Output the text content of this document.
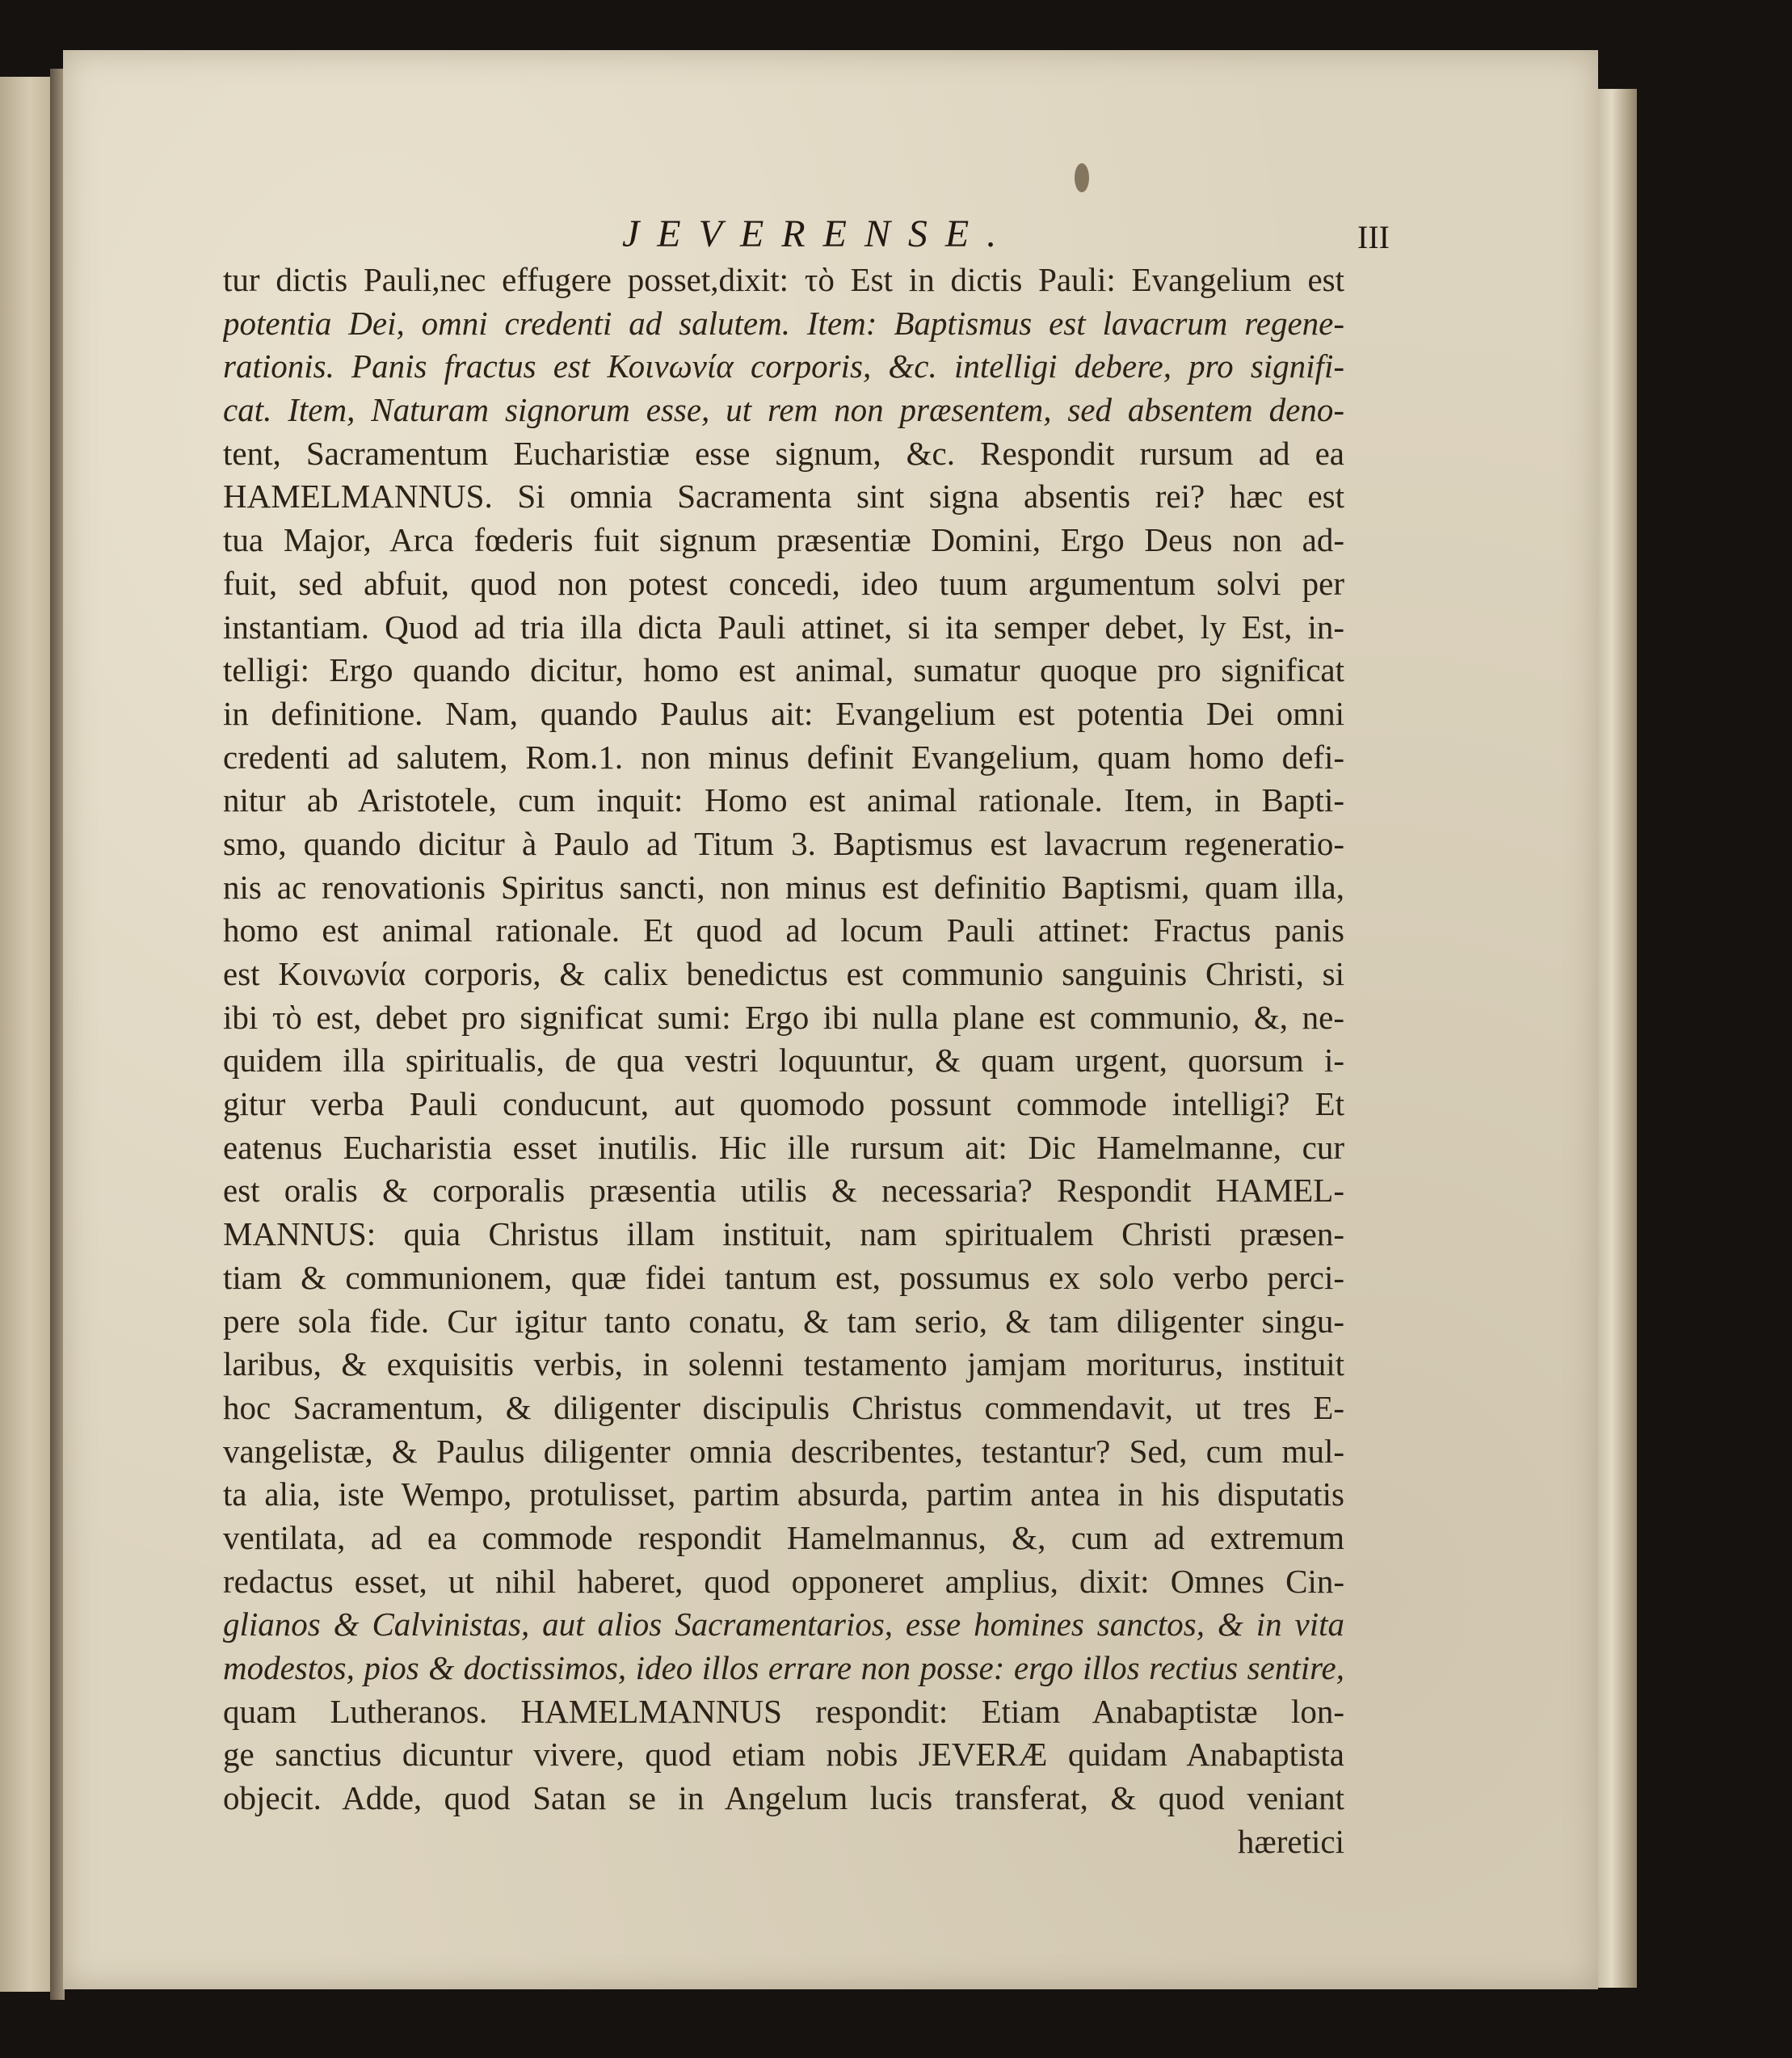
JEVERENSE.	III
tur dictis Pauli,nec effugere posset,dixit: τὸ Est in dictis Pauli: Evangelium est
potentia Dei, omni credenti ad salutem. Item: Baptismus est lavacrum regene-
rationis. Panis fractus est Κοινωνία corporis, &c. intelligi debere, pro signifi-
cat. Item, Naturam signorum esse, ut rem non præsentem, sed absentem deno-
tent, Sacramentum Eucharistiæ esse signum, &c. Respondit rursum ad ea
HAMELMANNUS. Si omnia Sacramenta sint signa absentis rei? hæc est
tua Major, Arca fœderis fuit signum præsentiæ Domini, Ergo Deus non ad-
fuit, sed abfuit, quod non potest concedi, ideo tuum argumentum solvi per
instantiam. Quod ad tria illa dicta Pauli attinet, si ita semper debet, ly Est, in-
telligi: Ergo quando dicitur, homo est animal, sumatur quoque pro significat
in definitione. Nam, quando Paulus ait: Evangelium est potentia Dei omni
credenti ad salutem, Rom.1. non minus definit Evangelium, quam homo defi-
nitur ab Aristotele, cum inquit: Homo est animal rationale. Item, in Bapti-
smo, quando dicitur à Paulo ad Titum 3. Baptismus est lavacrum regeneratio-
nis ac renovationis Spiritus sancti, non minus est definitio Baptismi, quam illa,
homo est animal rationale. Et quod ad locum Pauli attinet: Fractus panis
est Κοινωνία corporis, & calix benedictus est communio sanguinis Christi, si
ibi τὸ est, debet pro significat sumi: Ergo ibi nulla plane est communio, &, ne-
quidem illa spiritualis, de qua vestri loquuntur, & quam urgent, quorsum i-
gitur verba Pauli conducunt, aut quomodo possunt commode intelligi? Et
eatenus Eucharistia esset inutilis. Hic ille rursum ait: Dic Hamelmanne, cur
est oralis & corporalis præsentia utilis & necessaria? Respondit HAMEL-
MANNUS: quia Christus illam instituit, nam spiritualem Christi præsen-
tiam & communionem, quæ fidei tantum est, possumus ex solo verbo perci-
pere sola fide. Cur igitur tanto conatu, & tam serio, & tam diligenter singu-
laribus, & exquisitis verbis, in solenni testamento jamjam moriturus, instituit
hoc Sacramentum, & diligenter discipulis Christus commendavit, ut tres E-
vangelistæ, & Paulus diligenter omnia describentes, testantur? Sed, cum mul-
ta alia, iste Wempo, protulisset, partim absurda, partim antea in his disputatis
ventilata, ad ea commode respondit Hamelmannus, &, cum ad extremum
redactus esset, ut nihil haberet, quod opponeret amplius, dixit: Omnes Cin-
glianos & Calvinistas, aut alios Sacramentarios, esse homines sanctos, & in vita
modestos, pios & doctissimos, ideo illos errare non posse: ergo illos rectius sentire,
quam Lutheranos. HAMELMANNUS respondit: Etiam Anabaptistæ lon-
ge sanctius dicuntur vivere, quod etiam nobis JEVERÆ quidam Anabaptista
objecit. Adde, quod Satan se in Angelum lucis transferat, & quod veniant
hæretici
